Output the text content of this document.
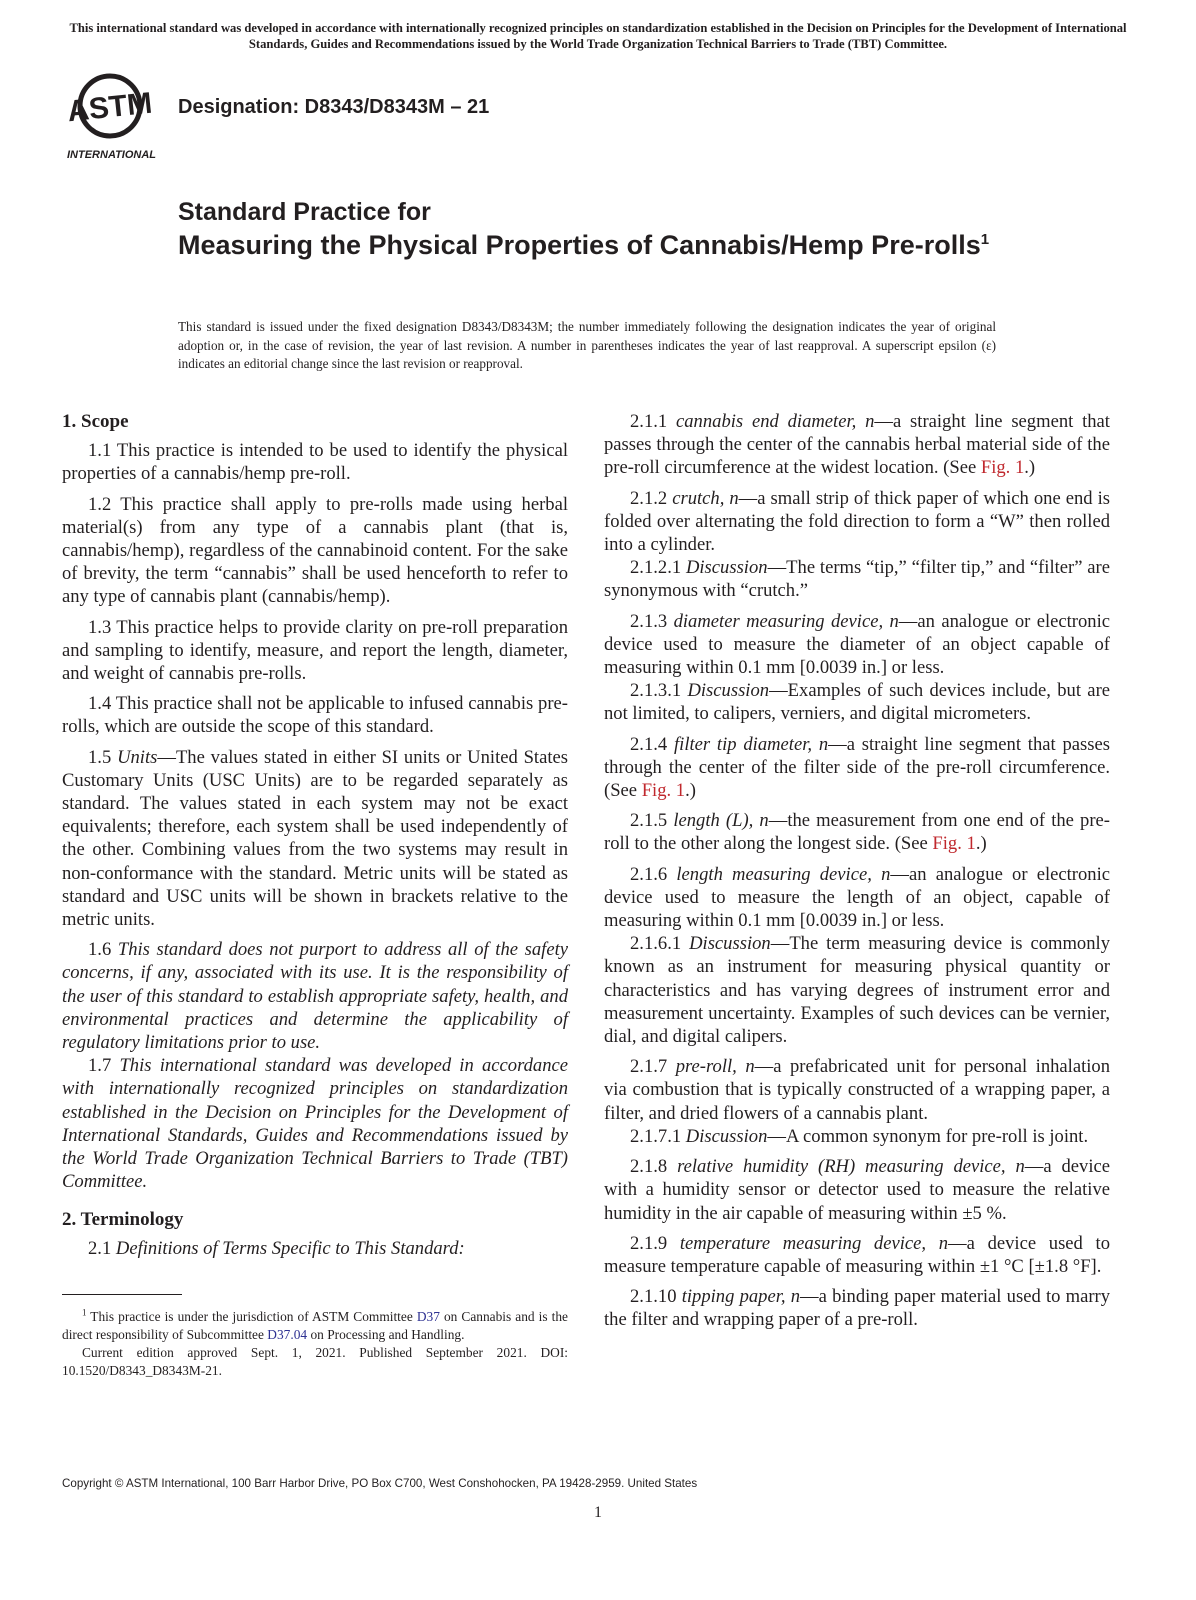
This international standard was developed in accordance with internationally recognized principles on standardization established in the Decision on Principles for the Development of International Standards, Guides and Recommendations issued by the World Trade Organization Technical Barriers to Trade (TBT) Committee.
ASTM
INTERNATIONAL
Designation: D8343/D8343M – 21
Standard Practice for
Measuring the Physical Properties of Cannabis/Hemp Pre-rolls$^1$
This standard is issued under the fixed designation D8343/D8343M; the number immediately following the designation indicates the year of original adoption or, in the case of revision, the year of last revision. A number in parentheses indicates the year of last reapproval. A superscript epsilon (ε) indicates an editorial change since the last revision or reapproval.
1. Scope

1.1 This practice is intended to be used to identify the physical properties of a cannabis/hemp pre-roll.

1.2 This practice shall apply to pre-rolls made using herbal material(s) from any type of a cannabis plant (that is, cannabis/hemp), regardless of the cannabinoid content. For the sake of brevity, the term “cannabis” shall be used henceforth to refer to any type of cannabis plant (cannabis/hemp).

1.3 This practice helps to provide clarity on pre-roll preparation and sampling to identify, measure, and report the length, diameter, and weight of cannabis pre-rolls.

1.4 This practice shall not be applicable to infused cannabis pre-rolls, which are outside the scope of this standard.

1.5 Units—The values stated in either SI units or United States Customary Units (USC Units) are to be regarded separately as standard. The values stated in each system may not be exact equivalents; therefore, each system shall be used independently of the other. Combining values from the two systems may result in non-conformance with the standard. Metric units will be stated as standard and USC units will be shown in brackets relative to the metric units.

1.6 This standard does not purport to address all of the safety concerns, if any, associated with its use. It is the responsibility of the user of this standard to establish appropriate safety, health, and environmental practices and determine the applicability of regulatory limitations prior to use.

1.7 This international standard was developed in accordance with internationally recognized principles on standardization established in the Decision on Principles for the Development of International Standards, Guides and Recommendations issued by the World Trade Organization Technical Barriers to Trade (TBT) Committee.

2. Terminology

2.1 Definitions of Terms Specific to This Standard:

2.1.1 cannabis end diameter, n—a straight line segment that passes through the center of the cannabis herbal material side of the pre-roll circumference at the widest location. (See Fig. 1.)

2.1.2 crutch, n—a small strip of thick paper of which one end is folded over alternating the fold direction to form a “W” then rolled into a cylinder.

2.1.2.1 Discussion—The terms “tip,” “filter tip,” and “filter” are synonymous with “crutch.”

2.1.3 diameter measuring device, n—an analogue or electronic device used to measure the diameter of an object capable of measuring within 0.1 mm [0.0039 in.] or less.

2.1.3.1 Discussion—Examples of such devices include, but are not limited, to calipers, verniers, and digital micrometers.

2.1.4 filter tip diameter, n—a straight line segment that passes through the center of the filter side of the pre-roll circumference. (See Fig. 1.)

2.1.5 length (L), n—the measurement from one end of the pre-roll to the other along the longest side. (See Fig. 1.)

2.1.6 length measuring device, n—an analogue or electronic device used to measure the length of an object, capable of measuring within 0.1 mm [0.0039 in.] or less.

2.1.6.1 Discussion—The term measuring device is commonly known as an instrument for measuring physical quantity or characteristics and has varying degrees of instrument error and measurement uncertainty. Examples of such devices can be vernier, dial, and digital calipers.

2.1.7 pre-roll, n—a prefabricated unit for personal inhalation via combustion that is typically constructed of a wrapping paper, a filter, and dried flowers of a cannabis plant.

2.1.7.1 Discussion—A common synonym for pre-roll is joint.

2.1.8 relative humidity (RH) measuring device, n—a device with a humidity sensor or detector used to measure the relative humidity in the air capable of measuring within ±5 %.

2.1.9 temperature measuring device, n—a device used to measure temperature capable of measuring within ±1 °C [±1.8 °F].

2.1.10 tipping paper, n—a binding paper material used to marry the filter and wrapping paper of a pre-roll.

$^1$ This practice is under the jurisdiction of ASTM Committee D37 on Cannabis and is the direct responsibility of Subcommittee D37.04 on Processing and Handling.

Current edition approved Sept. 1, 2021. Published September 2021. DOI: 10.1520/D8343_D8343M-21.

Copyright © ASTM International, 100 Barr Harbor Drive, PO Box C700, West Conshohocken, PA 19428-2959. United States
1
